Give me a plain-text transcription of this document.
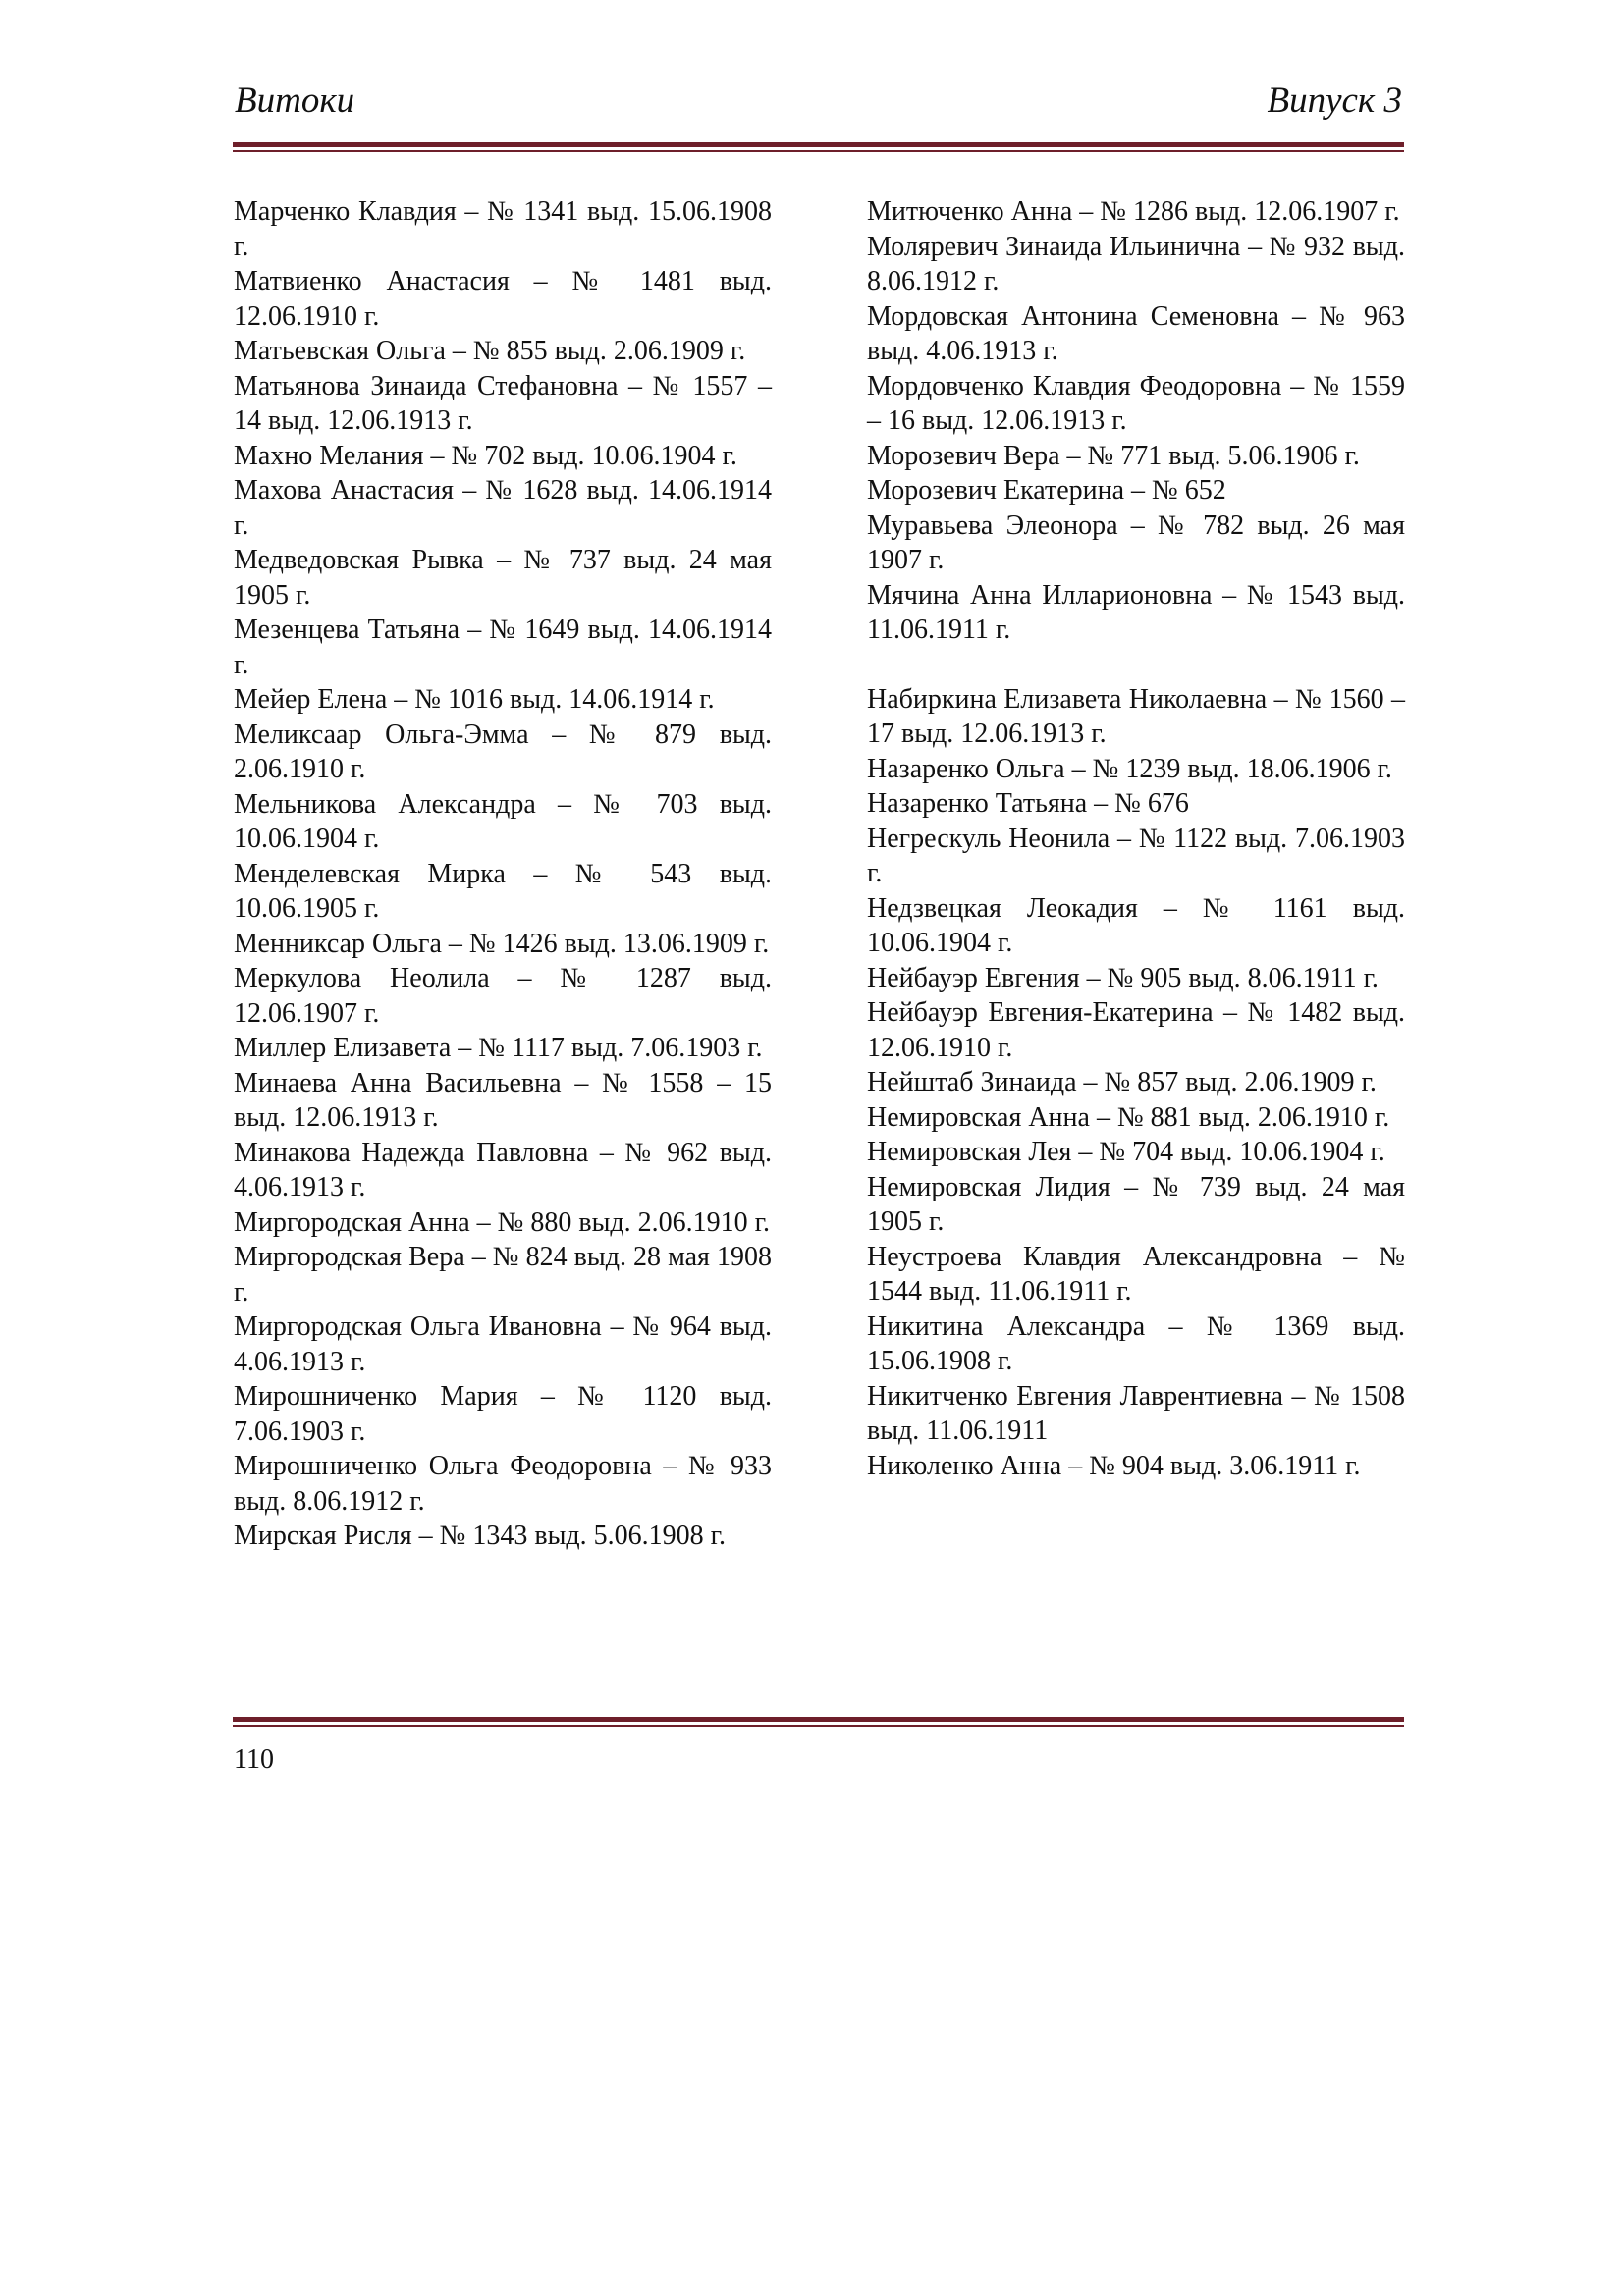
Витоки	Випуск 3

Марченко Клавдия – № 1341 выд. 15.06.1908 г.

Матвиенко Анастасия – № 1481 выд. 12.06.1910 г.

Матьевская Ольга – № 855 выд. 2.06.1909 г.

Матьянова Зинаида Стефановна – № 1557 – 14 выд. 12.06.1913 г.

Махно Мелания – № 702 выд. 10.06.1904 г.

Махова Анастасия – № 1628 выд. 14.06.1914 г.

Медведовская Рывка – № 737 выд. 24 мая 1905 г.

Мезенцева Татьяна – № 1649 выд. 14.06.1914 г.

Мейер Елена – № 1016 выд. 14.06.1914 г.

Меликсаар Ольга-Эмма – № 879 выд. 2.06.1910 г.

Мельникова Александра – № 703 выд. 10.06.1904 г.

Менделевская Мирка – № 543 выд. 10.06.1905 г.

Менниксар Ольга – № 1426 выд. 13.06.1909 г.

Меркулова Неолила – № 1287 выд. 12.06.1907 г.

Миллер Елизавета – № 1117 выд. 7.06.1903 г.

Минаева Анна Васильевна – № 1558 – 15 выд. 12.06.1913 г.

Минакова Надежда Павловна – № 962 выд. 4.06.1913 г.

Миргородская Анна – № 880 выд. 2.06.1910 г.

Миргородская Вера – № 824 выд. 28 мая 1908 г.

Миргородская Ольга Ивановна – № 964 выд. 4.06.1913 г.

Мирошниченко Мария – № 1120 выд. 7.06.1903 г.

Мирошниченко Ольга Феодоровна – № 933 выд. 8.06.1912 г.

Мирская Рисля – № 1343 выд. 5.06.1908 г.

Митюченко Анна – № 1286 выд. 12.06.1907 г.

Моляревич Зинаида Ильинична – № 932 выд. 8.06.1912 г.

Мордовская Антонина Семеновна – № 963 выд. 4.06.1913 г.

Мордовченко Клавдия Феодоровна – № 1559 – 16 выд. 12.06.1913 г.

Морозевич Вера – № 771 выд. 5.06.1906 г.

Морозевич Екатерина – № 652

Муравьева Элеонора – № 782 выд. 26 мая 1907 г.

Мячина Анна Илларионовна – № 1543 выд. 11.06.1911 г.

Набиркина Елизавета Николаевна – № 1560 – 17 выд. 12.06.1913 г.

Назаренко Ольга – № 1239 выд. 18.06.1906 г.

Назаренко Татьяна – № 676

Негрескуль Неонила – № 1122 выд. 7.06.1903 г.

Недзвецкая Леокадия – № 1161 выд. 10.06.1904 г.

Нейбауэр Евгения – № 905 выд. 8.06.1911 г.

Нейбауэр Евгения-Екатерина – № 1482 выд. 12.06.1910 г.

Нейштаб Зинаида – № 857 выд. 2.06.1909 г.

Немировская Анна – № 881 выд. 2.06.1910 г.

Немировская Лея – № 704 выд. 10.06.1904 г.

Немировская Лидия – № 739 выд. 24 мая 1905 г.

Неустроева Клавдия Александровна – № 1544 выд. 11.06.1911 г.

Никитина Александра – № 1369 выд. 15.06.1908 г.

Никитченко Евгения Лаврентиевна – № 1508 выд. 11.06.1911

Николенко Анна – № 904 выд. 3.06.1911 г.

110
